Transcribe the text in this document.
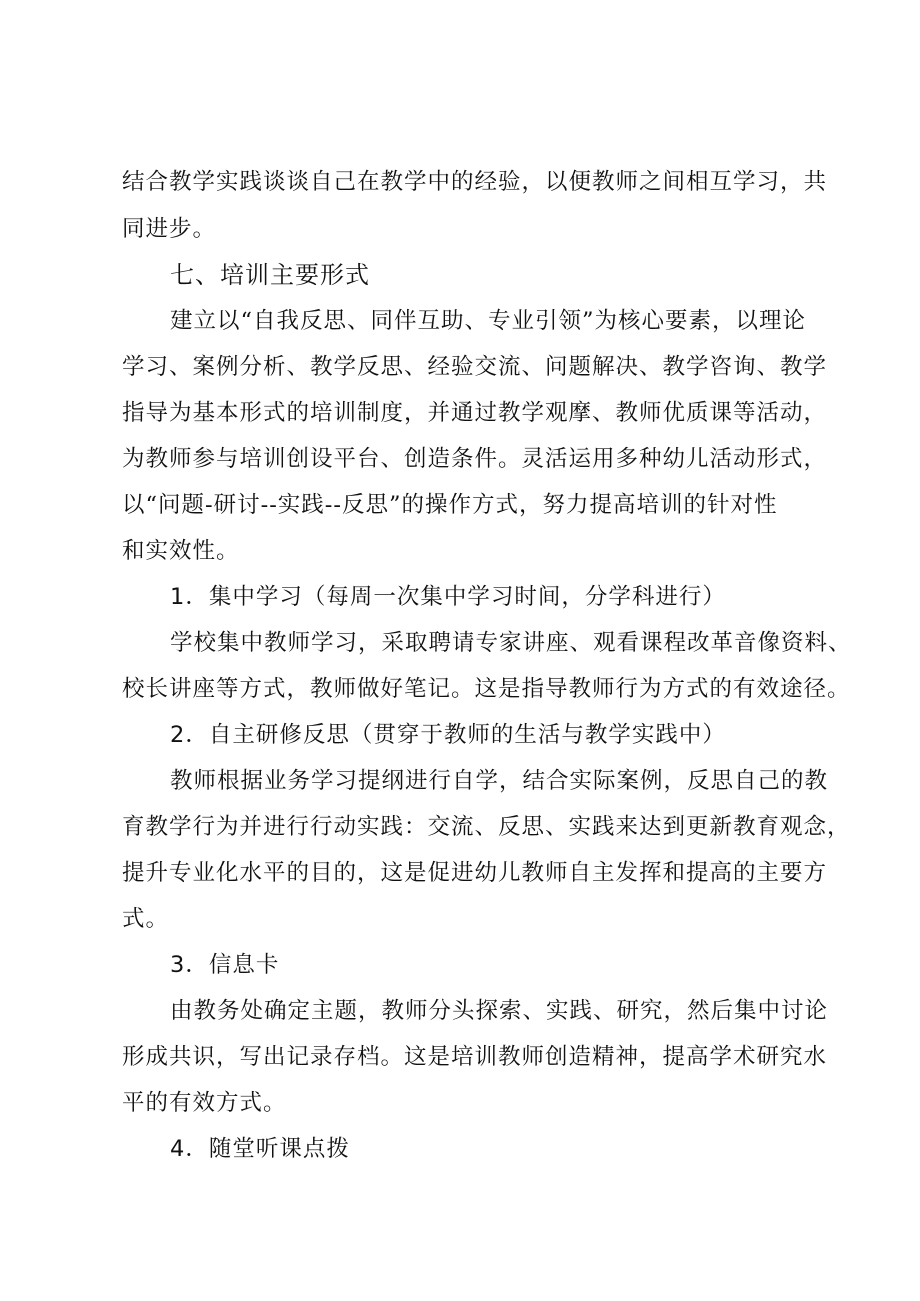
结合教学实践谈谈自己在教学中的经验，以便教师之间相互学习，共
同进步。
七、培训主要形式
建立以“自我反思、同伴互助、专业引领”为核心要素，以理论
学习、案例分析、教学反思、经验交流、问题解决、教学咨询、教学
指导为基本形式的培训制度，并通过教学观摩、教师优质课等活动，
为教师参与培训创设平台、创造条件。灵活运用多种幼儿活动形式，
以“问题-研讨--实践--反思”的操作方式，努力提高培训的针对性
和实效性。
1．集中学习（每周一次集中学习时间，分学科进行）
学校集中教师学习，采取聘请专家讲座、观看课程改革音像资料、
校长讲座等方式，教师做好笔记。这是指导教师行为方式的有效途径。
2．自主研修反思（贯穿于教师的生活与教学实践中）
教师根据业务学习提纲进行自学，结合实际案例，反思自己的教
育教学行为并进行行动实践：交流、反思、实践来达到更新教育观念，
提升专业化水平的目的，这是促进幼儿教师自主发挥和提高的主要方
式。
3．信息卡
由教务处确定主题，教师分头探索、实践、研究，然后集中讨论
形成共识，写出记录存档。这是培训教师创造精神，提高学术研究水
平的有效方式。
4．随堂听课点拨
